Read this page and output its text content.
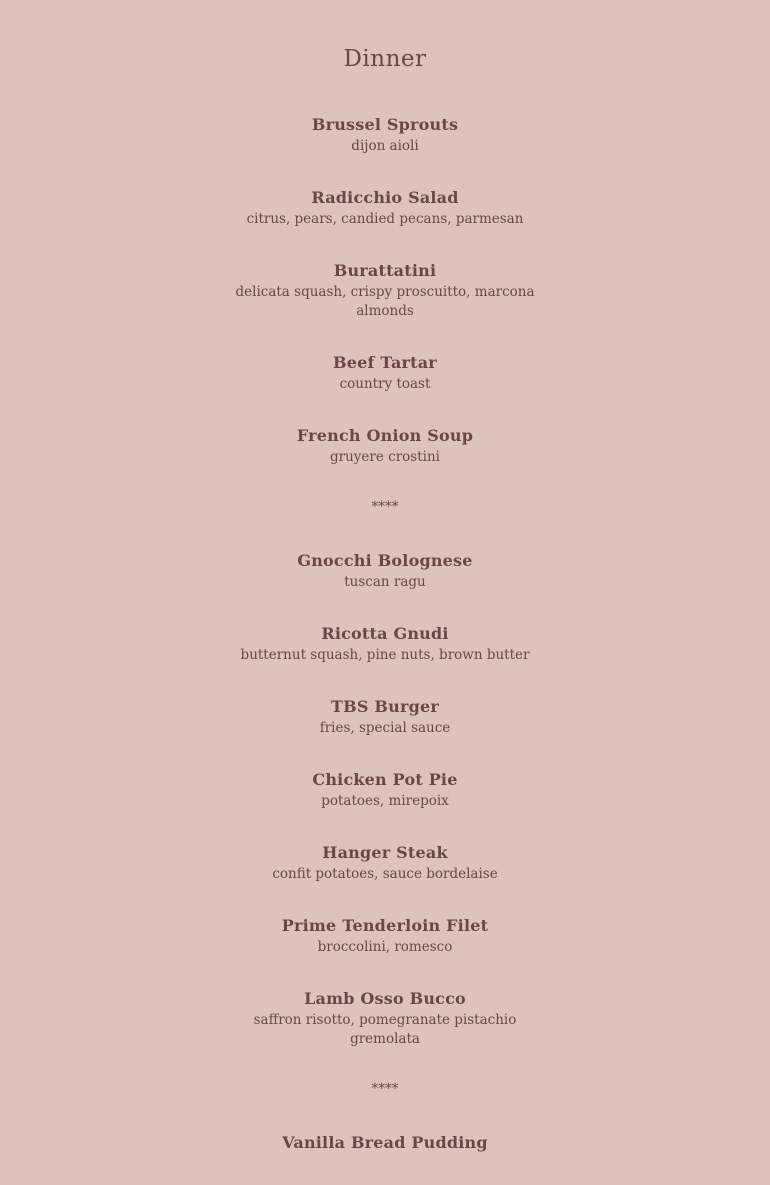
Dinner
Brussel Sprouts
dijon aioli
Radicchio Salad
citrus, pears, candied pecans, parmesan
Burattatini
delicata squash, crispy proscuitto, marcona almonds
Beef Tartar
country toast
French Onion Soup
gruyere crostini
****
Gnocchi Bolognese
tuscan ragu
Ricotta Gnudi
butternut squash, pine nuts, brown butter
TBS Burger
fries, special sauce
Chicken Pot Pie
potatoes, mirepoix
Hanger Steak
confit potatoes, sauce bordelaise
Prime Tenderloin Filet
broccolini, romesco
Lamb Osso Bucco
saffron risotto, pomegranate pistachio gremolata
****
Vanilla Bread Pudding
